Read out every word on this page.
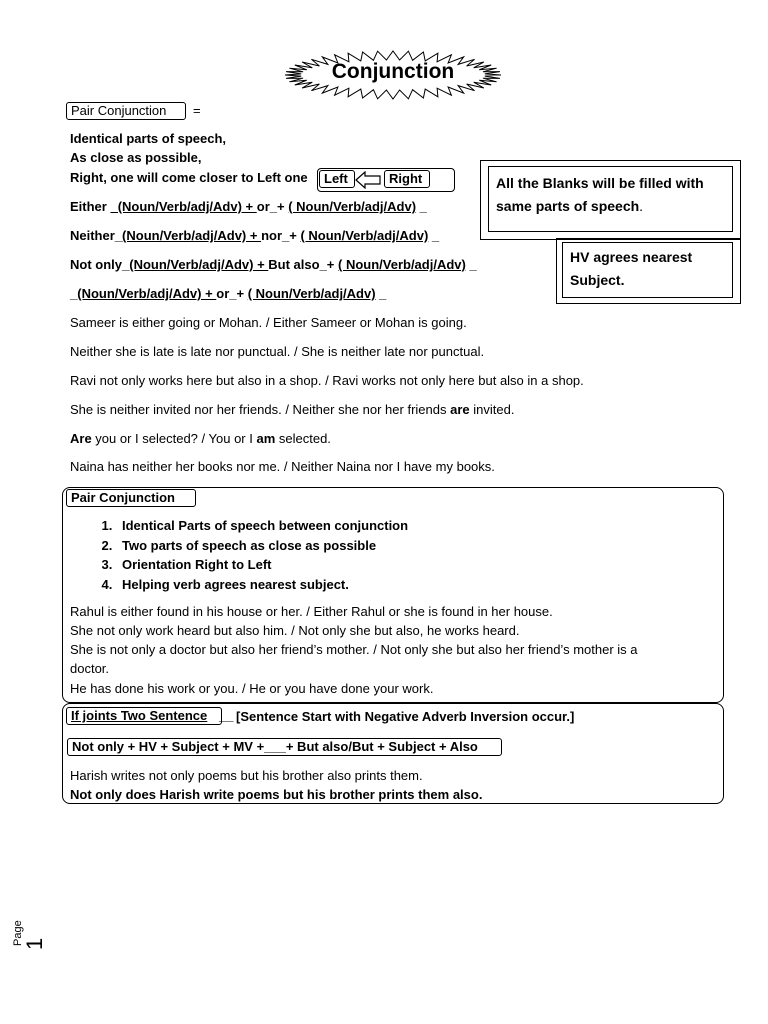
Conjunction
Pair Conjunction	=
Identical parts of speech,
As close as possible,
Right, one will come closer to Left one	Left	Right	All the Blanks will be filled with same parts of speech.
HV agrees nearest Subject.
Either _(Noun/Verb/adj/Adv) + or_+ ( Noun/Verb/adj/Adv) _
Neither_(Noun/Verb/adj/Adv) + nor_+ ( Noun/Verb/adj/Adv) _
Not only_(Noun/Verb/adj/Adv) + But also_+ ( Noun/Verb/adj/Adv) _
_(Noun/Verb/adj/Adv) + or_+ ( Noun/Verb/adj/Adv) _
Sameer is either going or Mohan. / Either Sameer or Mohan is going.
Neither she is late is late nor punctual. / She is neither late nor punctual.
Ravi not only works here but also in a shop. / Ravi works not only here but also in a shop.
She is neither invited nor her friends. / Neither she nor her friends are invited.
Are you or I selected? / You or I am selected.
Naina has neither her books nor me. / Neither Naina nor I have my books.
Pair Conjunction
1. Identical Parts of speech between conjunction
2. Two parts of speech as close as possible
3. Orientation Right to Left
4. Helping verb agrees nearest subject.
Rahul is either found in his house or her. / Either Rahul or she is found in her house.
She not only work heard but also him. / Not only she but also, he works heard.
She is not only a doctor but also her friend’s mother. / Not only she but also her friend’s mother is a
doctor.
He has done his work or you. / He or you have done your work.
If joints Two Sentence __ [Sentence Start with Negative Adverb Inversion occur.]
Not only + HV + Subject + MV +___+ But also/But + Subject + Also
Harish writes not only poems but his brother also prints them.
Not only does Harish write poems but his brother prints them also.
Page
1
